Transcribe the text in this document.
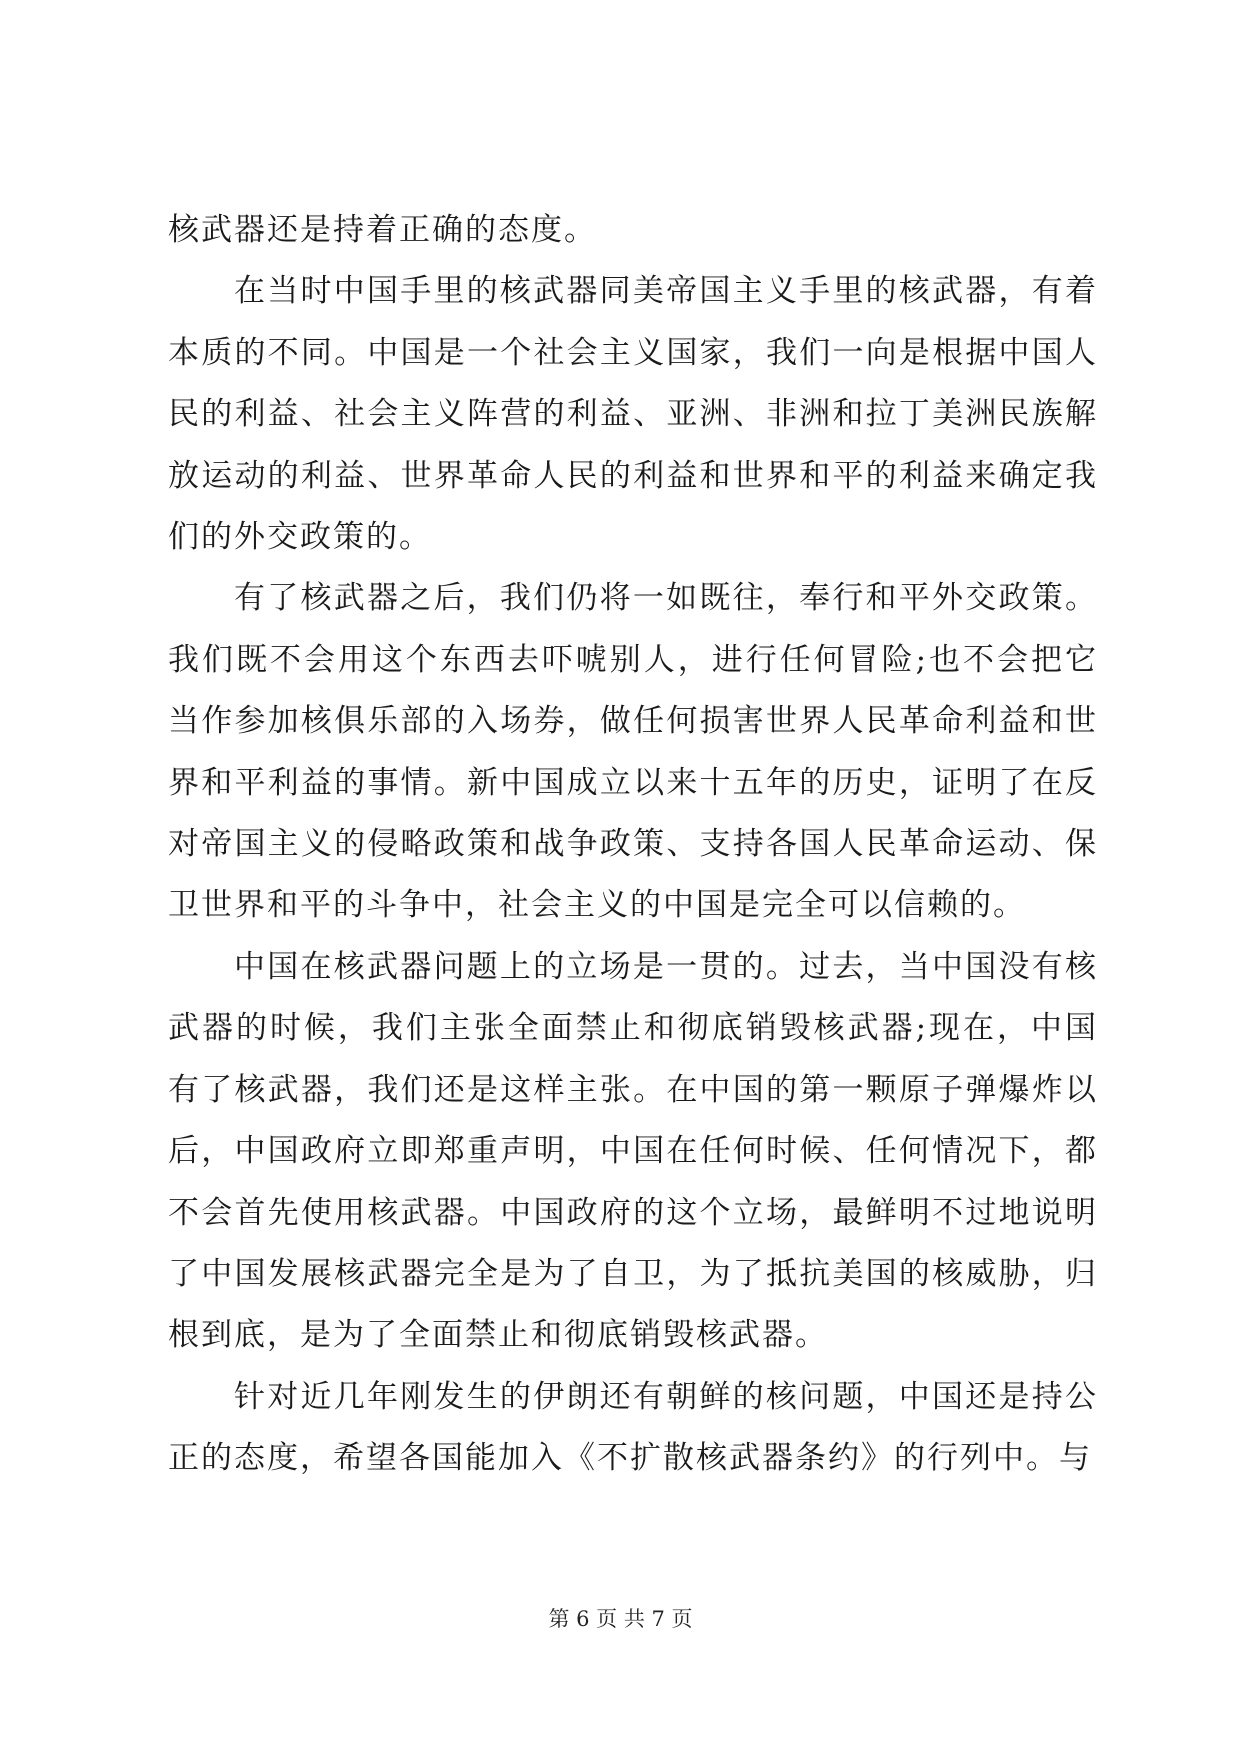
核武器还是持着正确的态度。

在当时中国手里的核武器同美帝国主义手里的核武器，有着本质的不同。中国是一个社会主义国家，我们一向是根据中国人民的利益、社会主义阵营的利益、亚洲、非洲和拉丁美洲民族解放运动的利益、世界革命人民的利益和世界和平的利益来确定我们的外交政策的。

有了核武器之后，我们仍将一如既往，奉行和平外交政策。我们既不会用这个东西去吓唬别人，进行任何冒险;也不会把它当作参加核俱乐部的入场券，做任何损害世界人民革命利益和世界和平利益的事情。新中国成立以来十五年的历史，证明了在反对帝国主义的侵略政策和战争政策、支持各国人民革命运动、保卫世界和平的斗争中，社会主义的中国是完全可以信赖的。

中国在核武器问题上的立场是一贯的。过去，当中国没有核武器的时候，我们主张全面禁止和彻底销毁核武器;现在，中国有了核武器，我们还是这样主张。在中国的第一颗原子弹爆炸以后，中国政府立即郑重声明，中国在任何时候、任何情况下，都不会首先使用核武器。中国政府的这个立场，最鲜明不过地说明了中国发展核武器完全是为了自卫，为了抵抗美国的核威胁，归根到底，是为了全面禁止和彻底销毁核武器。

针对近几年刚发生的伊朗还有朝鲜的核问题，中国还是持公正的态度，希望各国能加入《不扩散核武器条约》的行列中。与

第 6 页 共 7 页
